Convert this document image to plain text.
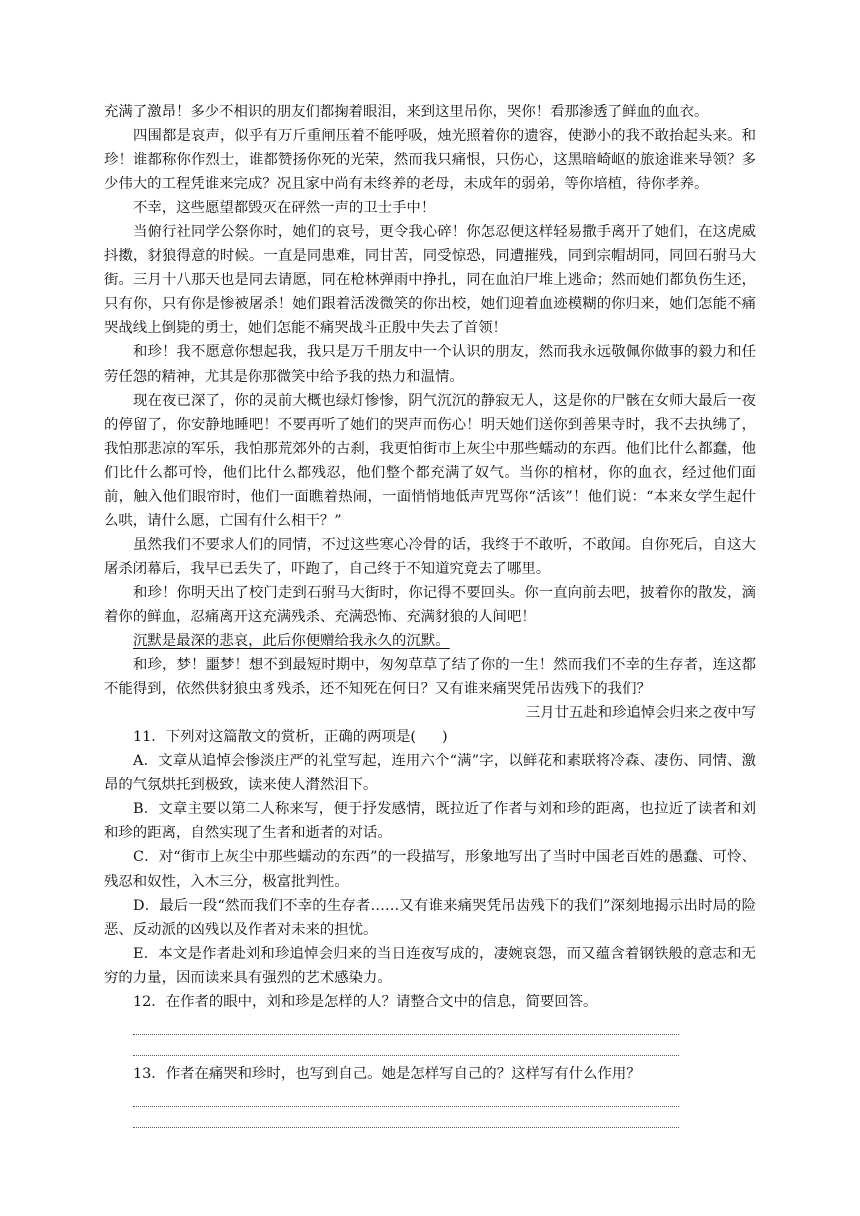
充满了激昂！多少不相识的朋友们都掬着眼泪，来到这里吊你，哭你！看那渗透了鲜血的血衣。

四围都是哀声，似乎有万斤重闸压着不能呼吸，烛光照着你的遗容，使渺小的我不敢抬起头来。和珍！谁都称你作烈士，谁都赞扬你死的光荣，然而我只痛恨，只伤心，这黑暗崎岖的旅途谁来导领？多少伟大的工程凭谁来完成？况且家中尚有未终养的老母，未成年的弱弟，等你培植，待你孝养。

不幸，这些愿望都毁灭在砰然一声的卫士手中！

当俯行社同学公祭你时，她们的哀号，更令我心碎！你怎忍便这样轻易撒手离开了她们，在这虎威抖擞，豺狼得意的时候。一直是同患难，同甘苦，同受惊恐，同遭摧残，同到宗帽胡同，同回石驸马大街。三月十八那天也是同去请愿，同在枪林弹雨中挣扎，同在血泊尸堆上逃命；然而她们都负伤生还，只有你，只有你是惨被屠杀！她们跟着活泼微笑的你出校，她们迎着血迹模糊的你归来，她们怎能不痛哭战线上倒毙的勇士，她们怎能不痛哭战斗正殷中失去了首领！

和珍！我不愿意你想起我，我只是万千朋友中一个认识的朋友，然而我永远敬佩你做事的毅力和任劳任怨的精神，尤其是你那微笑中给予我的热力和温情。

现在夜已深了，你的灵前大概也绿灯惨惨，阴气沉沉的静寂无人，这是你的尸骸在女师大最后一夜的停留了，你安静地睡吧！不要再听了她们的哭声而伤心！明天她们送你到善果寺时，我不去执绋了，我怕那悲凉的军乐，我怕那荒郊外的古刹，我更怕街市上灰尘中那些蠕动的东西。他们比什么都蠢，他们比什么都可怜，他们比什么都残忍，他们整个都充满了奴气。当你的棺材，你的血衣，经过他们面前，触入他们眼帘时，他们一面瞧着热闹，一面悄悄地低声咒骂你“活该”！他们说：“本来女学生起什么哄，请什么愿，亡国有什么相干？”

虽然我们不要求人们的同情，不过这些寒心冷骨的话，我终于不敢听，不敢闻。自你死后，自这大屠杀闭幕后，我早已丢失了，吓跑了，自己终于不知道究竟去了哪里。

和珍！你明天出了校门走到石驸马大街时，你记得不要回头。你一直向前去吧，披着你的散发，滴着你的鲜血，忍痛离开这充满残杀、充满恐怖、充满豺狼的人间吧！

沉默是最深的悲哀，此后你便赠给我永久的沉默。

和珍，梦！噩梦！想不到最短时期中，匆匆草草了结了你的一生！然而我们不幸的生存者，连这都不能得到，依然供豺狼虫豸残杀，还不知死在何日？又有谁来痛哭凭吊齿残下的我们？

三月廿五赴和珍追悼会归来之夜中写

11．下列对这篇散文的赏析，正确的两项是( )

A．文章从追悼会惨淡庄严的礼堂写起，连用六个“满”字，以鲜花和素联将冷森、凄伤、同情、激昂的气氛烘托到极致，读来使人潸然泪下。

B．文章主要以第二人称来写，便于抒发感情，既拉近了作者与刘和珍的距离，也拉近了读者和刘和珍的距离，自然实现了生者和逝者的对话。

C．对“街市上灰尘中那些蠕动的东西”的一段描写，形象地写出了当时中国老百姓的愚蠢、可怜、残忍和奴性，入木三分，极富批判性。

D．最后一段“然而我们不幸的生存者……又有谁来痛哭凭吊齿残下的我们”深刻地揭示出时局的险恶、反动派的凶残以及作者对未来的担忧。

E．本文是作者赴刘和珍追悼会归来的当日连夜写成的，凄婉哀怨，而又蕴含着钢铁般的意志和无穷的力量，因而读来具有强烈的艺术感染力。

12．在作者的眼中，刘和珍是怎样的人？请整合文中的信息，简要回答。

13．作者在痛哭和珍时，也写到自己。她是怎样写自己的？这样写有什么作用？
